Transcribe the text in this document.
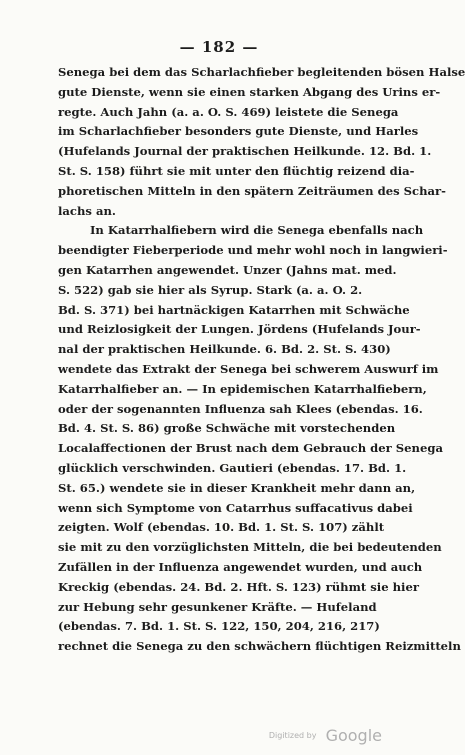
— 182 —
Senega bei dem das Scharlachfieber begleitenden bösen Halse
gute Dienste, wenn sie einen starken Abgang des Urins er-
regte. Auch Jahn (a. a. O. S. 469) leistete die Senega
im Scharlachfieber besonders gute Dienste, und Harles
(Hufelands Journal der praktischen Heilkunde. 12. Bd. 1.
St. S. 158) führt sie mit unter den flüchtig reizend dia-
phoretischen Mitteln in den spätern Zeiträumen des Schar-
lachs an.
In Katarrhalfiebern wird die Senega ebenfalls nach
beendigter Fieberperiode und mehr wohl noch in langwieri-
gen Katarrhen angewendet. Unzer (Jahns mat. med.
S. 522) gab sie hier als Syrup. Stark (a. a. O. 2.
Bd. S. 371) bei hartnäckigen Katarrhen mit Schwäche
und Reizlosigkeit der Lungen. Jördens (Hufelands Jour-
nal der praktischen Heilkunde. 6. Bd. 2. St. S. 430)
wendete das Extrakt der Senega bei schwerem Auswurf im
Katarrhalfieber an. — In epidemischen Katarrhalfiebern,
oder der sogenannten Influenza sah Klees (ebendas. 16.
Bd. 4. St. S. 86) große Schwäche mit vorstechenden
Localaffectionen der Brust nach dem Gebrauch der Senega
glücklich verschwinden. Gautieri (ebendas. 17. Bd. 1.
St. 65.) wendete sie in dieser Krankheit mehr dann an,
wenn sich Symptome von Catarrhus suffacativus dabei
zeigten. Wolf (ebendas. 10. Bd. 1. St. S. 107) zählt
sie mit zu den vorzüglichsten Mitteln, die bei bedeutenden
Zufällen in der Influenza angewendet wurden, und auch
Kreckig (ebendas. 24. Bd. 2. Hft. S. 123) rühmt sie hier
zur Hebung sehr gesunkener Kräfte. — Hufeland
(ebendas. 7. Bd. 1. St. S. 122, 150, 204, 216, 217)
rechnet die Senega zu den schwächern flüchtigen Reizmitteln
Digitized by Google
